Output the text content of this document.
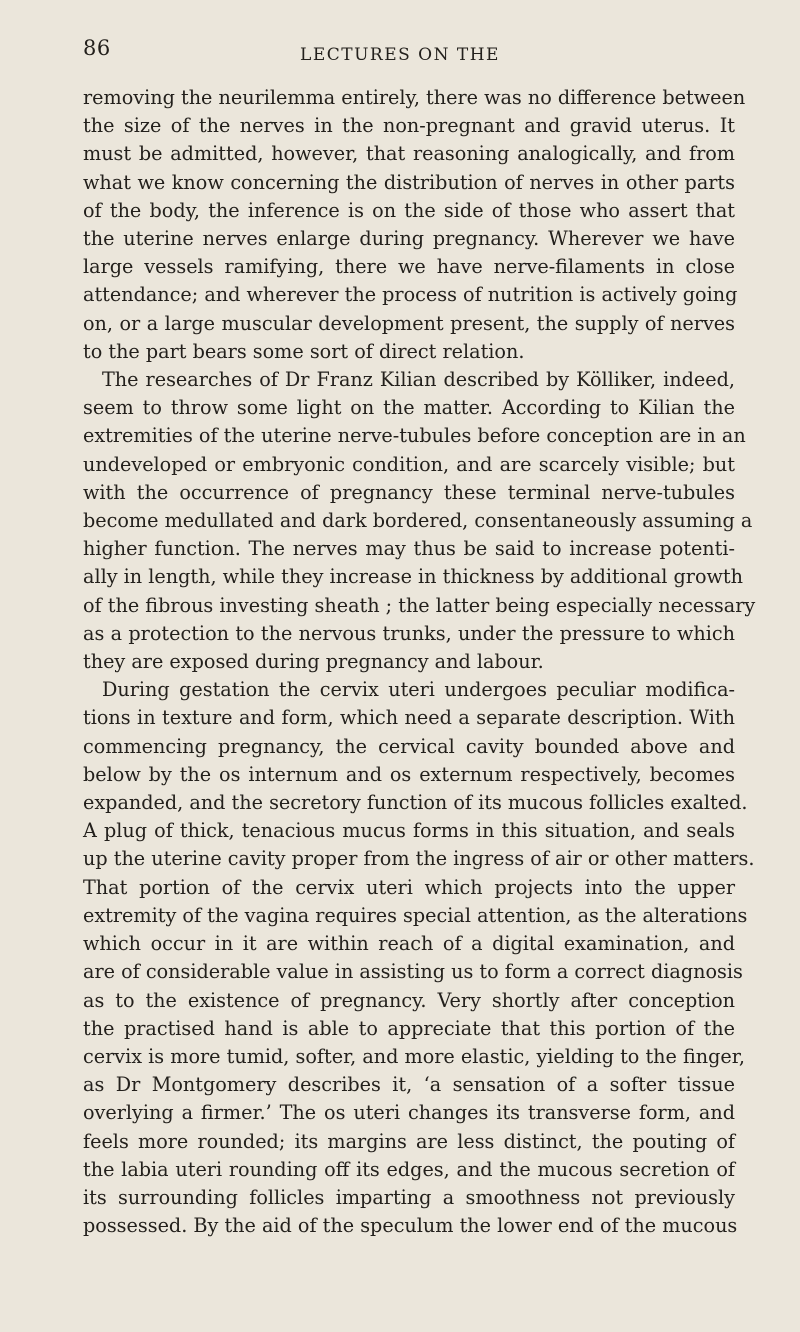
86	LECTURES ON THE
removing the neurilemma entirely, there was no difference between
the size of the nerves in the non-pregnant and gravid uterus. It
must be admitted, however, that reasoning analogically, and from
what we know concerning the distribution of nerves in other parts
of the body, the inference is on the side of those who assert that
the uterine nerves enlarge during pregnancy. Wherever we have
large vessels ramifying, there we have nerve-filaments in close
attendance; and wherever the process of nutrition is actively going
on, or a large muscular development present, the supply of nerves
to the part bears some sort of direct relation.
The researches of Dr Franz Kilian described by Kölliker, indeed,
seem to throw some light on the matter. According to Kilian the
extremities of the uterine nerve-tubules before conception are in an
undeveloped or embryonic condition, and are scarcely visible; but
with the occurrence of pregnancy these terminal nerve-tubules
become medullated and dark bordered, consentaneously assuming a
higher function. The nerves may thus be said to increase potenti-
ally in length, while they increase in thickness by additional growth
of the fibrous investing sheath ; the latter being especially necessary
as a protection to the nervous trunks, under the pressure to which
they are exposed during pregnancy and labour.
During gestation the cervix uteri undergoes peculiar modifica-
tions in texture and form, which need a separate description. With
commencing pregnancy, the cervical cavity bounded above and
below by the os internum and os externum respectively, becomes
expanded, and the secretory function of its mucous follicles exalted.
A plug of thick, tenacious mucus forms in this situation, and seals
up the uterine cavity proper from the ingress of air or other matters.
That portion of the cervix uteri which projects into the upper
extremity of the vagina requires special attention, as the alterations
which occur in it are within reach of a digital examination, and
are of considerable value in assisting us to form a correct diagnosis
as to the existence of pregnancy. Very shortly after conception
the practised hand is able to appreciate that this portion of the
cervix is more tumid, softer, and more elastic, yielding to the finger,
as Dr Montgomery describes it, ‘a sensation of a softer tissue
overlying a firmer.’ The os uteri changes its transverse form, and
feels more rounded; its margins are less distinct, the pouting of
the labia uteri rounding off its edges, and the mucous secretion of
its surrounding follicles imparting a smoothness not previously
possessed. By the aid of the speculum the lower end of the mucous
